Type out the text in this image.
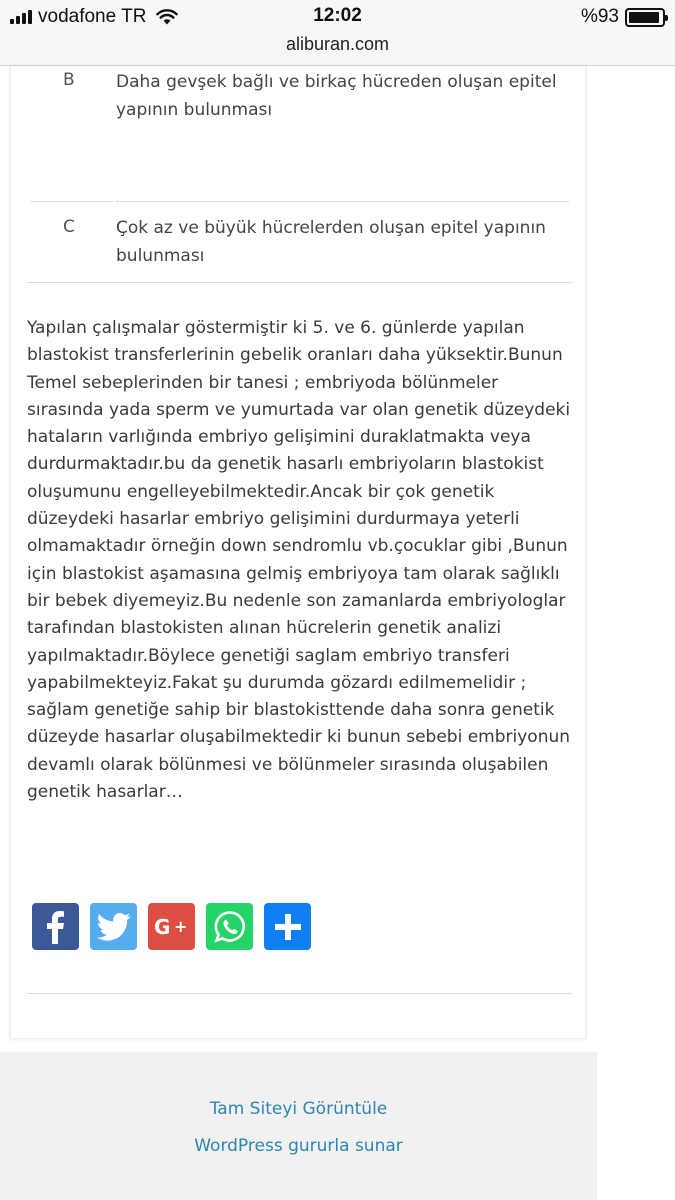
vodafone TR	12:02	%93
aliburan.com
B	Daha gevşek bağlı ve birkaç hücreden oluşan epitel yapının bulunması
C	Çok az ve büyük hücrelerden oluşan epitel yapının bulunması

Yapılan çalışmalar göstermiştir ki 5. ve 6. günlerde yapılan blastokist transferlerinin gebelik oranları daha yüksektir.Bunun Temel sebeplerinden bir tanesi ; embriyoda bölünmeler sırasında yada sperm ve yumurtada var olan genetik düzeydeki hataların varlığında embriyo gelişimini duraklatmakta veya durdurmaktadır.bu da genetik hasarlı embriyoların blastokist oluşumunu engelleyebilmektedir.Ancak bir çok genetik düzeydeki hasarlar embriyo gelişimini durdurmaya yeterli olmamaktadır örneğin down sendromlu vb.çocuklar gibi ,Bunun için blastokist aşamasına gelmiş embriyoya tam olarak sağlıklı bir bebek diyemeyiz.Bu nedenle son zamanlarda embriyologlar tarafından blastokisten alınan hücrelerin genetik analizi yapılmaktadır.Böylece genetiği saglam embriyo transferi yapabilmekteyiz.Fakat şu durumda gözardı edilmemelidir ; sağlam genetiğe sahip bir blastokisttende daha sonra genetik düzeyde hasarlar oluşabilmektedir ki bunun sebebi embriyonun devamlı olarak bölünmesi ve bölünmeler sırasında oluşabilen genetik hasarlar…

G +
Tam Siteyi Görüntüle
WordPress gururla sunar
